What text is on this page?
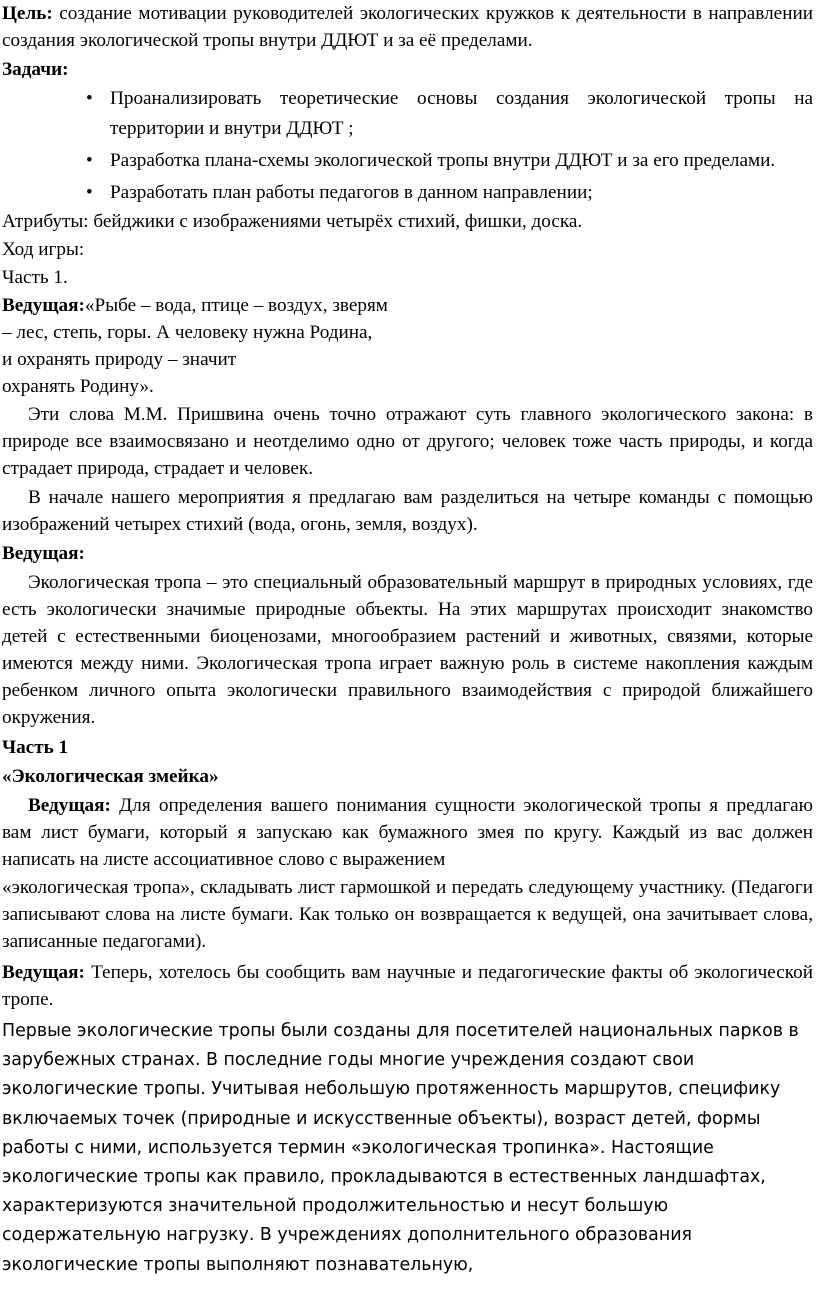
Цель: создание мотивации руководителей экологических кружков к деятельности в направлении создания экологической тропы внутри ДДЮТ и за её пределами.

Задачи:

• Проанализировать теоретические основы создания экологической тропы на территории и внутри ДДЮТ ;
• Разработка плана-схемы экологической тропы внутри ДДЮТ и за его пределами.
• Разработать план работы педагогов в данном направлении;

Атрибуты: бейджики с изображениями четырёх стихий, фишки, доска.

Ход игры:

Часть 1.

Ведущая:«Рыбе – вода, птице – воздух, зверям
– лес, степь, горы. А человеку нужна Родина,
и охранять природу – значит
охранять Родину».

Эти слова М.М. Пришвина очень точно отражают суть главного экологического закона: в природе все взаимосвязано и неотделимо одно от другого; человек тоже часть природы, и когда страдает природа, страдает и человек.

В начале нашего мероприятия я предлагаю вам разделиться на четыре команды с помощью изображений четырех стихий (вода, огонь, земля, воздух).

Ведущая:

Экологическая тропа – это специальный образовательный маршрут в природных условиях, где есть экологически значимые природные объекты. На этих маршрутах происходит знакомство детей с естественными биоценозами, многообразием растений и животных, связями, которые имеются между ними. Экологическая тропа играет важную роль в системе накопления каждым ребенком личного опыта экологически правильного взаимодействия с природой ближайшего окружения.

Часть 1

«Экологическая змейка»

Ведущая: Для определения вашего понимания сущности экологической тропы я предлагаю вам лист бумаги, который я запускаю как бумажного змея по кругу. Каждый из вас должен написать на листе ассоциативное слово с выражением

«экологическая тропа», складывать лист гармошкой и передать следующему участнику. (Педагоги записывают слова на листе бумаги. Как только он возвращается к ведущей, она зачитывает слова, записанные педагогами).

Ведущая: Теперь, хотелось бы сообщить вам научные и педагогические факты об экологической тропе.

Первые экологические тропы были созданы для посетителей национальных парков в зарубежных странах. В последние годы многие учреждения создают свои экологические тропы. Учитывая небольшую протяженность маршрутов, специфику включаемых точек (природные и искусственные объекты), возраст детей, формы работы с ними, используется термин «экологическая тропинка». Настоящие экологические тропы как правило, прокладываются в естественных ландшафтах, характеризуются значительной продолжительностью и несут большую содержательную нагрузку. В учреждениях дополнительного образования экологические тропы выполняют познавательную,
